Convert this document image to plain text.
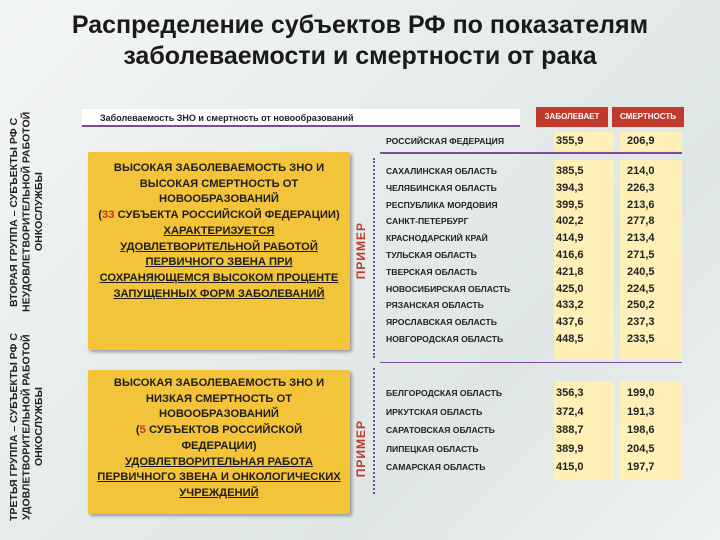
Распределение субъектов РФ по показателям заболеваемости и смертности от рака
ВТОРАЯ ГРУППА – СУБЪЕКТЫ РФ С НЕУДОВЛЕТВОРИТЕЛЬНОЙ РАБОТОЙ ОНКОСЛУЖБЫ
ТРЕТЬЯ ГРУППА – СУБЪЕКТЫ РФ С УДОВЛЕТВОРИТЕЛЬНОЙ РАБОТОЙ ОНКОСЛУЖБЫ
Заболеваемость ЗНО и смертность от новообразований	ЗАБОЛЕВАЕТ	СМЕРТНОСТЬ
РОССИЙСКАЯ ФЕДЕРАЦИЯ	355,9	206,9
ВЫСОКАЯ ЗАБОЛЕВАЕМОСТЬ ЗНО И ВЫСОКАЯ СМЕРТНОСТЬ ОТ НОВООБРАЗОВАНИЙ
(33 СУБЪЕКТА РОССИЙСКОЙ ФЕДЕРАЦИИ)
ХАРАКТЕРИЗУЕТСЯ УДОВЛЕТВОРИТЕЛЬНОЙ РАБОТОЙ ПЕРВИЧНОГО ЗВЕНА ПРИ СОХРАНЯЮЩЕМСЯ ВЫСОКОМ ПРОЦЕНТЕ ЗАПУЩЕННЫХ ФОРМ ЗАБОЛЕВАНИЙ
ВЫСОКАЯ ЗАБОЛЕВАЕМОСТЬ ЗНО И НИЗКАЯ СМЕРТНОСТЬ ОТ НОВООБРАЗОВАНИЙ
(5 СУБЪЕКТОВ РОССИЙСКОЙ ФЕДЕРАЦИИ)
УДОВЛЕТВОРИТЕЛЬНАЯ РАБОТА ПЕРВИЧНОГО ЗВЕНА И ОНКОЛОГИЧЕСКИХ УЧРЕЖДЕНИЙ
ПРИМЕР
ПРИМЕР
САХАЛИНСКАЯ ОБЛАСТЬ	385,5	214,0
ЧЕЛЯБИНСКАЯ ОБЛАСТЬ	394,3	226,3
РЕСПУБЛИКА МОРДОВИЯ	399,5	213,6
САНКТ-ПЕТЕРБУРГ	402,2	277,8
КРАСНОДАРСКИЙ КРАЙ	414,9	213,4
ТУЛЬСКАЯ ОБЛАСТЬ	416,6	271,5
ТВЕРСКАЯ ОБЛАСТЬ	421,8	240,5
НОВОСИБИРСКАЯ ОБЛАСТЬ	425,0	224,5
РЯЗАНСКАЯ ОБЛАСТЬ	433,2	250,2
ЯРОСЛАВСКАЯ ОБЛАСТЬ	437,6	237,3
НОВГОРОДСКАЯ ОБЛАСТЬ	448,5	233,5
БЕЛГОРОДСКАЯ ОБЛАСТЬ	356,3	199,0
ИРКУТСКАЯ ОБЛАСТЬ	372,4	191,3
САРАТОВСКАЯ ОБЛАСТЬ	388,7	198,6
ЛИПЕЦКАЯ ОБЛАСТЬ	389,9	204,5
САМАРСКАЯ ОБЛАСТЬ	415,0	197,7
